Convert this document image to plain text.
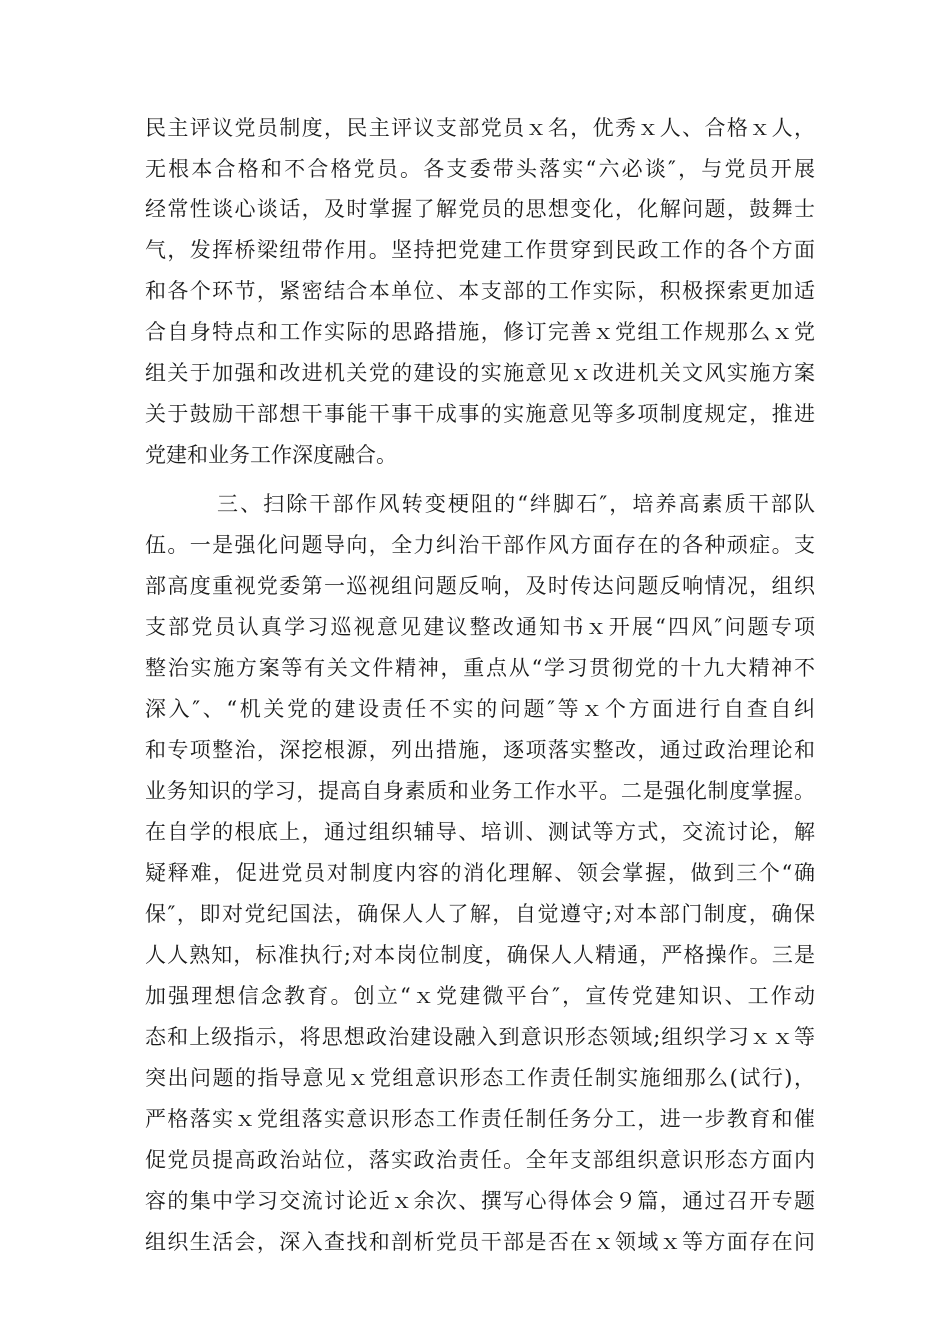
民主评议党员制度，民主评议支部党员ｘ名，优秀ｘ人、合格ｘ人，
无根本合格和不合格党员。各支委带头落实“六必谈″，与党员开展
经常性谈心谈话，及时掌握了解党员的思想变化，化解问题，鼓舞士
气，发挥桥梁纽带作用。坚持把党建工作贯穿到民政工作的各个方面
和各个环节，紧密结合本单位、本支部的工作实际，积极探索更加适
合自身特点和工作实际的思路措施，修订完善ｘ党组工作规那么ｘ党
组关于加强和改进机关党的建设的实施意见ｘ改进机关文风实施方案
关于鼓励干部想干事能干事干成事的实施意见等多项制度规定，推进
党建和业务工作深度融合。
三、扫除干部作风转变梗阻的“绊脚石″，培养高素质干部队
伍。一是强化问题导向，全力纠治干部作风方面存在的各种顽症。支
部高度重视党委第一巡视组问题反响，及时传达问题反响情况，组织
支部党员认真学习巡视意见建议整改通知书ｘ开展“四风″问题专项
整治实施方案等有关文件精神，重点从“学习贯彻党的十九大精神不
深入″、“机关党的建设责任不实的问题″等ｘ个方面进行自查自纠
和专项整治，深挖根源，列出措施，逐项落实整改，通过政治理论和
业务知识的学习，提高自身素质和业务工作水平。二是强化制度掌握。
在自学的根底上，通过组织辅导、培训、测试等方式，交流讨论，解
疑释难，促进党员对制度内容的消化理解、领会掌握，做到三个“确
保″，即对党纪国法，确保人人了解，自觉遵守;对本部门制度，确保
人人熟知，标准执行;对本岗位制度，确保人人精通，严格操作。三是
加强理想信念教育。创立“ｘ党建微平台″，宣传党建知识、工作动
态和上级指示，将思想政治建设融入到意识形态领域;组织学习ｘｘ等
突出问题的指导意见ｘ党组意识形态工作责任制实施细那么(试行)，
严格落实ｘ党组落实意识形态工作责任制任务分工，进一步教育和催
促党员提高政治站位，落实政治责任。全年支部组织意识形态方面内
容的集中学习交流讨论近ｘ余次、撰写心得体会９篇，通过召开专题
组织生活会，深入查找和剖析党员干部是否在ｘ领域ｘ等方面存在问
